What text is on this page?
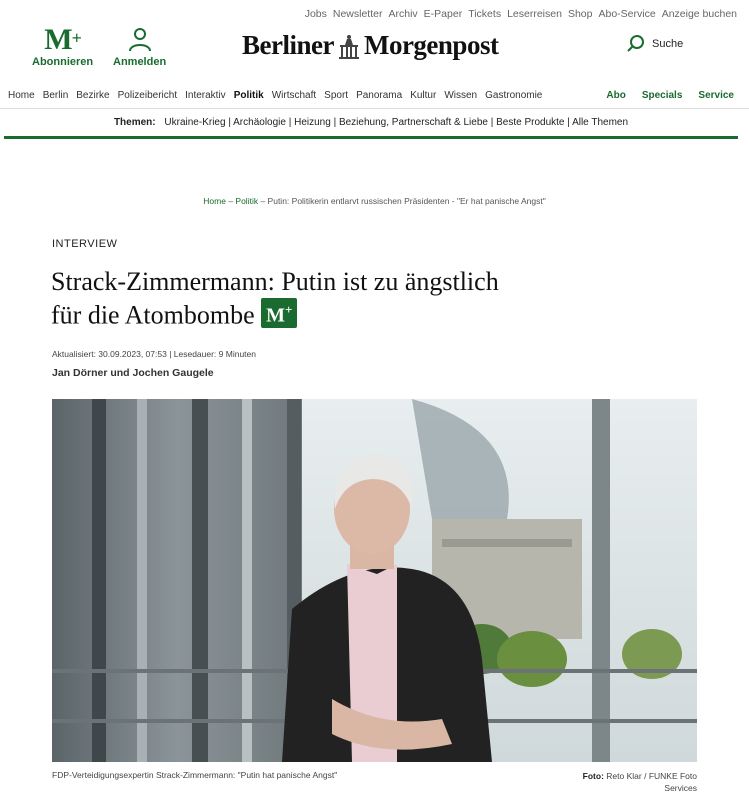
Jobs Newsletter Archiv E-Paper Tickets Leserreisen Shop Abo-Service Anzeige buchen
M+
Abonnieren Anmelden
Berliner Morgenpost	Suche
Home Berlin Bezirke Polizeibericht Interaktiv Politik Wirtschaft Sport Panorama Kultur Wissen Gastronomie	Abo Specials Service
Themen: Ukraine-Krieg | Archäologie | Heizung | Beziehung, Partnerschaft & Liebe | Beste Produkte | Alle Themen
Home – Politik – Putin: Politikerin entlarvt russischen Präsidenten - "Er hat panische Angst"
INTERVIEW
Strack-Zimmermann: Putin ist zu ängstlich
für die Atombombe M+
Aktualisiert: 30.09.2023, 07:53 | Lesedauer: 9 Minuten
Jan Dörner und Jochen Gaugele
FDP-Verteidigungsexpertin Strack-Zimmermann: "Putin hat panische Angst"	Foto: Reto Klar / FUNKE Foto Services
